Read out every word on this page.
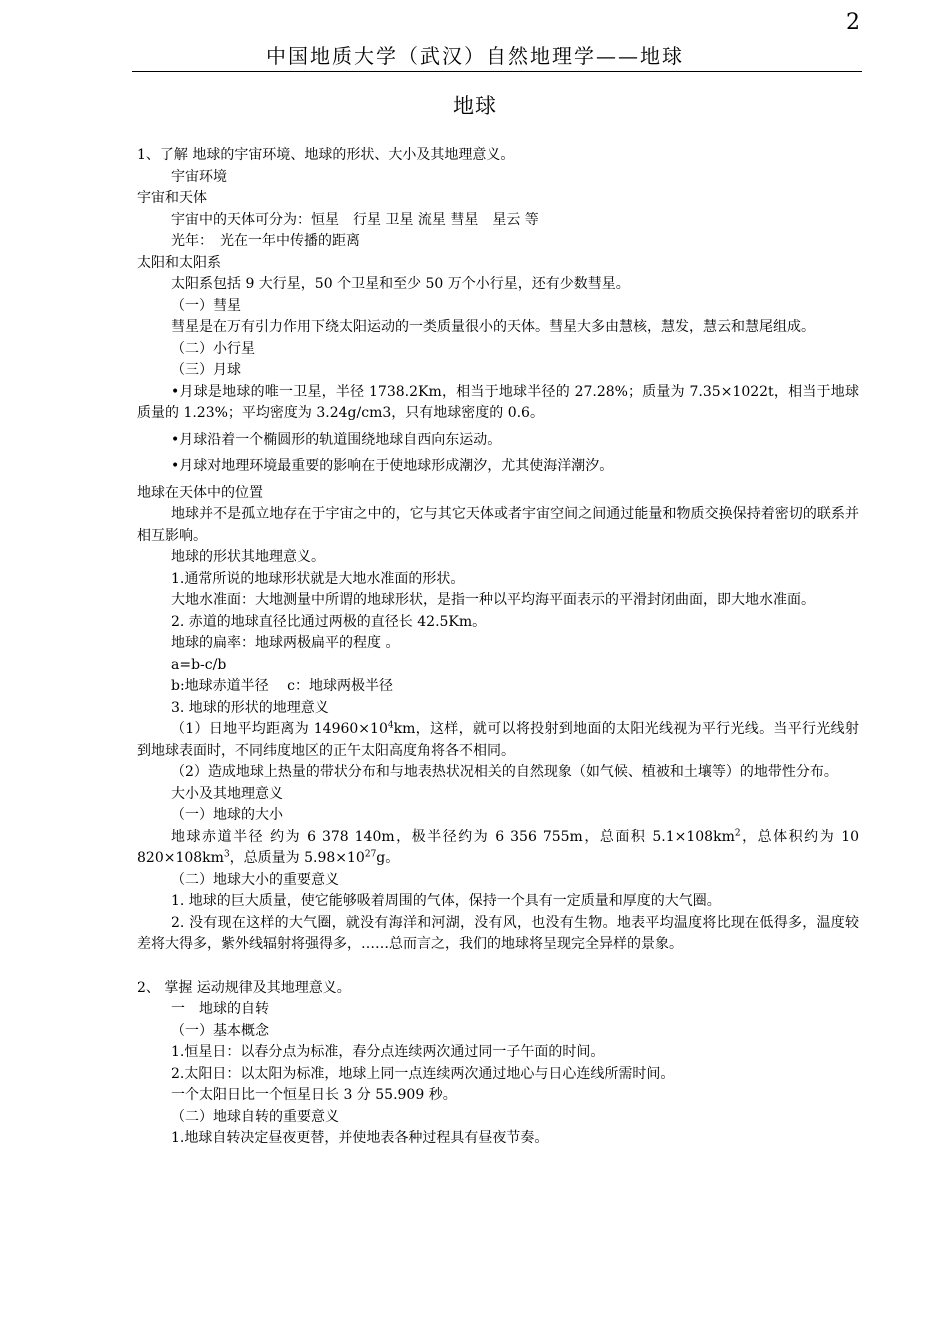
2
中国地质大学（武汉）自然地理学——地球
地球

1、了解 地球的宇宙环境、地球的形状、大小及其地理意义。

宇宙环境

宇宙和天体

宇宙中的天体可分为：恒星　行星 卫星 流星 彗星　星云 等

光年：　光在一年中传播的距离

太阳和太阳系

太阳系包括 9 大行星，50 个卫星和至少 50 万个小行星，还有少数彗星。

（一）彗星

彗星是在万有引力作用下绕太阳运动的一类质量很小的天体。彗星大多由慧核，慧发，慧云和慧尾组成。

（二）小行星

（三）月球

•月球是地球的唯一卫星，半径 1738.2Km，相当于地球半径的 27.28%；质量为 7.35×1022t，相当于地球质量的 1.23%；平均密度为 3.24g/cm3，只有地球密度的 0.6。

•月球沿着一个椭圆形的轨道围绕地球自西向东运动。

•月球对地理环境最重要的影响在于使地球形成潮汐，尤其使海洋潮汐。

地球在天体中的位置

地球并不是孤立地存在于宇宙之中的，它与其它天体或者宇宙空间之间通过能量和物质交换保持着密切的联系并相互影响。

地球的形状其地理意义。

1.通常所说的地球形状就是大地水准面的形状。

大地水准面：大地测量中所谓的地球形状，是指一种以平均海平面表示的平滑封闭曲面，即大地水准面。

2. 赤道的地球直径比通过两极的直径长 42.5Km。

地球的扁率：地球两极扁平的程度 。

a=b-c/b

b:地球赤道半径　 c：地球两极半径

3. 地球的形状的地理意义

（1）日地平均距离为 $14960\times 10^4km$，这样，就可以将投射到地面的太阳光线视为平行光线。当平行光线射到地球表面时，不同纬度地区的正午太阳高度角将各不相同。

（2）造成地球上热量的带状分布和与地表热状况相关的自然现象（如气候、植被和土壤等）的地带性分布。

大小及其地理意义

（一）地球的大小

地球赤道半径 约为 6 378 140m，极半径约为 6 356 755m，总面积 $5.1\times 108km^2$，总体积约为 10 $820\times 108km^3$，总质量为 $5.98\times 10^{27}g$。

（二）地球大小的重要意义

1. 地球的巨大质量，使它能够吸着周围的气体，保持一个具有一定质量和厚度的大气圈。

2. 没有现在这样的大气圈，就没有海洋和河湖，没有风，也没有生物。地表平均温度将比现在低得多，温度较差将大得多，紫外线辐射将强得多，……总而言之，我们的地球将呈现完全异样的景象。

2、 掌握 运动规律及其地理意义。

一　地球的自转

（一）基本概念

1.恒星日：以春分点为标准，春分点连续两次通过同一子午面的时间。

2.太阳日：以太阳为标准，地球上同一点连续两次通过地心与日心连线所需时间。

一个太阳日比一个恒星日长 3 分 55.909 秒。

（二）地球自转的重要意义

1.地球自转决定昼夜更替，并使地表各种过程具有昼夜节奏。
